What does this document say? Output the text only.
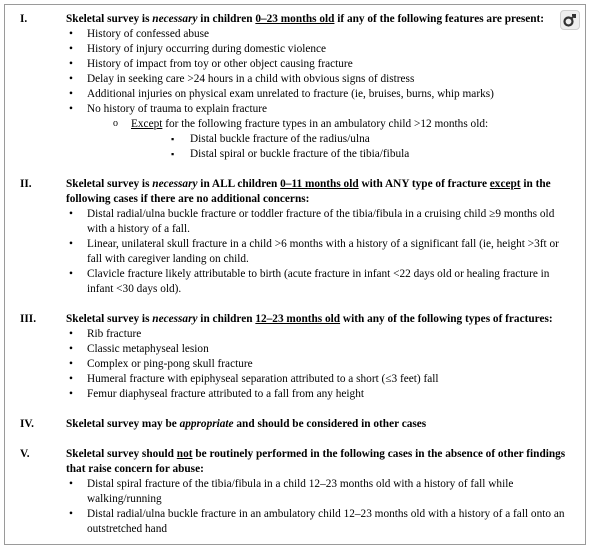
I.	Skeletal survey is necessary in children 0–23 months old if any of the following features are present:
• History of confessed abuse
• History of injury occurring during domestic violence
• History of impact from toy or other object causing fracture
• Delay in seeking care >24 hours in a child with obvious signs of distress
• Additional injuries on physical exam unrelated to fracture (ie, bruises, burns, whip marks)
• No history of trauma to explain fracture
o Except for the following fracture types in an ambulatory child >12 months old:
▪ Distal buckle fracture of the radius/ulna
▪ Distal spiral or buckle fracture of the tibia/fibula
II.	Skeletal survey is necessary in ALL children 0–11 months old with ANY type of fracture except in the following cases if there are no additional concerns:
• Distal radial/ulna buckle fracture or toddler fracture of the tibia/fibula in a cruising child ≥9 months old with a history of a fall.
• Linear, unilateral skull fracture in a child >6 months with a history of a significant fall (ie, height >3ft or fall with caregiver landing on child.
• Clavicle fracture likely attributable to birth (acute fracture in infant <22 days old or healing fracture in infant <30 days old).
III.	Skeletal survey is necessary in children 12–23 months old with any of the following types of fractures:
• Rib fracture
• Classic metaphyseal lesion
• Complex or ping-pong skull fracture
• Humeral fracture with epiphyseal separation attributed to a short (≤3 feet) fall
• Femur diaphyseal fracture attributed to a fall from any height
IV.	Skeletal survey may be appropriate and should be considered in other cases
V.	Skeletal survey should not be routinely performed in the following cases in the absence of other findings that raise concern for abuse:
• Distal spiral fracture of the tibia/fibula in a child 12–23 months old with a history of fall while walking/running
• Distal radial/ulna buckle fracture in an ambulatory child 12–23 months old with a history of a fall onto an outstretched hand
